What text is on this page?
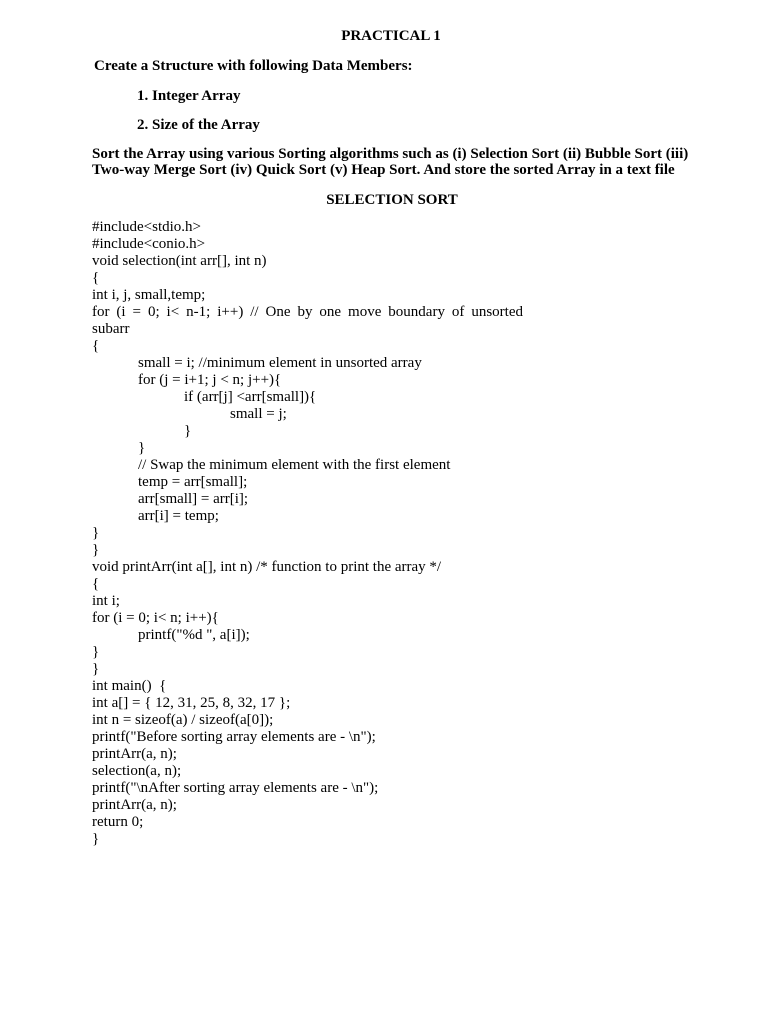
PRACTICAL 1
Create a Structure with following Data Members:
1. Integer Array
2. Size of the Array
Sort the Array using various Sorting algorithms such as (i) Selection Sort (ii) Bubble Sort (iii)
Two-way Merge Sort (iv) Quick Sort (v) Heap Sort. And store the sorted Array in a text file
SELECTION SORT
#include<stdio.h>
#include<conio.h>
void selection(int arr[], int n)
{
int i, j, small,temp;
for (i = 0; i< n-1; i++) // One by one move boundary of unsorted
subarr
{
small = i; //minimum element in unsorted array
for (j = i+1; j < n; j++){
if (arr[j] <arr[small]){
small = j;
}
}
// Swap the minimum element with the first element
temp = arr[small];
arr[small] = arr[i];
arr[i] = temp;
}
}
void printArr(int a[], int n) /* function to print the array */
{
int i;
for (i = 0; i< n; i++){
printf("%d ", a[i]);
}
}
int main()  {
int a[] = { 12, 31, 25, 8, 32, 17 };
int n = sizeof(a) / sizeof(a[0]);
printf("Before sorting array elements are - \n");
printArr(a, n);
selection(a, n);
printf("\nAfter sorting array elements are - \n");
printArr(a, n);
return 0;
}
